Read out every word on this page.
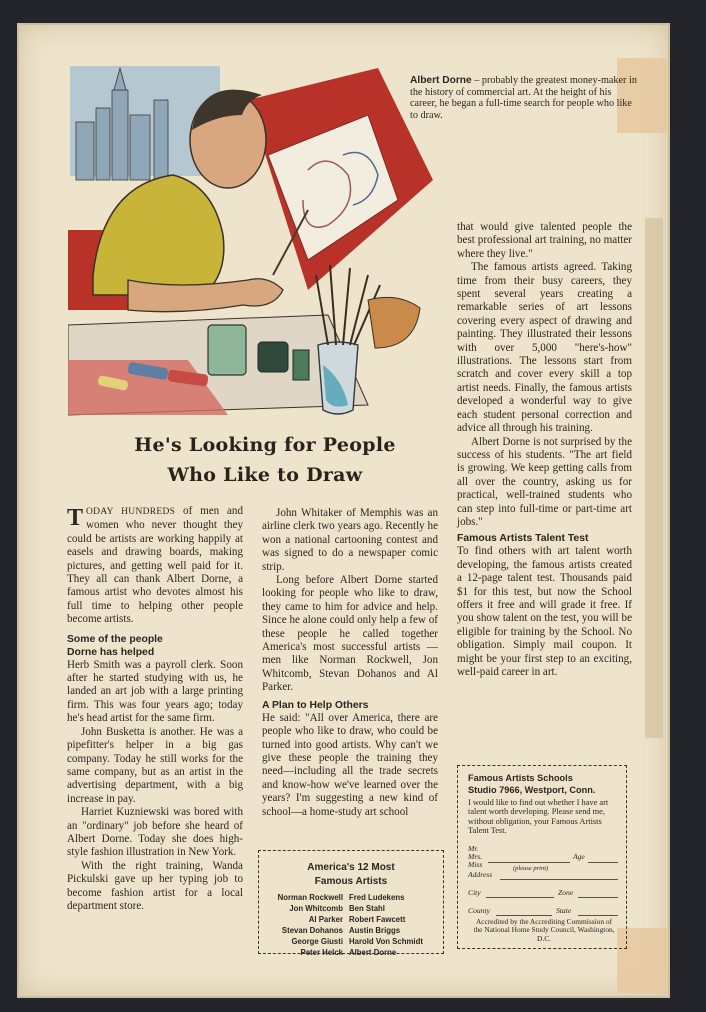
Albert Dorne – probably the greatest money-maker in the history of commercial art. At the height of his career, he began a full-time search for people who like to draw.
He's Looking for People
Who Like to Draw

TODAY HUNDREDS of men and women who never thought they could be artists are working happily at easels and drawing boards, making pictures, and getting well paid for it. They all can thank Albert Dorne, a famous artist who devotes almost his full time to helping other people become artists.

Some of the people
Dorne has helped

Herb Smith was a payroll clerk. Soon after he started studying with us, he landed an art job with a large printing firm. This was four years ago; today he's head artist for the same firm.

John Busketta is another. He was a pipefitter's helper in a big gas company. Today he still works for the same company, but as an artist in the advertising department, with a big increase in pay.

Harriet Kuzniewski was bored with an "ordinary" job before she heard of Albert Dorne. Today she does high-style fashion illustration in New York.

With the right training, Wanda Pickulski gave up her typing job to become fashion artist for a local department store.

John Whitaker of Memphis was an airline clerk two years ago. Recently he won a national cartooning contest and was signed to do a newspaper comic strip.

Long before Albert Dorne started looking for people who like to draw, they came to him for advice and help. Since he alone could only help a few of these people he called together America's most successful artists —men like Norman Rockwell, Jon Whitcomb, Stevan Dohanos and Al Parker.

A Plan to Help Others

He said: "All over America, there are people who like to draw, who could be turned into good artists. Why can't we give these people the training they need—including all the trade secrets and know-how we've learned over the years? I'm suggesting a new kind of school—a home-study art school

America's 12 Most
Famous Artists
Norman Rockwell
Jon Whitcomb
Al Parker
Stevan Dohanos
George Giusti
Peter Helck
Fred Ludekens
Ben Stahl
Robert Fawcett
Austin Briggs
Harold Von Schmidt
Albert Dorne

that would give talented people the best professional art training, no matter where they live."

The famous artists agreed. Taking time from their busy careers, they spent several years creating a remarkable series of art lessons covering every aspect of drawing and painting. They illustrated their lessons with over 5,000 "here's-how" illustrations. The lessons start from scratch and cover every skill a top artist needs. Finally, the famous artists developed a wonderful way to give each student personal correction and advice all through his training.

Albert Dorne is not surprised by the success of his students. "The art field is growing. We keep getting calls from all over the country, asking us for practical, well-trained students who can step into full-time or part-time art jobs."

Famous Artists Talent Test

To find others with art talent worth developing, the famous artists created a 12-page talent test. Thousands paid $1 for this test, but now the School offers it free and will grade it free. If you show talent on the test, you will be eligible for training by the School. No obligation. Simply mail coupon. It might be your first step to an exciting, well-paid career in art.

Famous Artists Schools
Studio 7966, Westport, Conn.
I would like to find out whether I have art talent worth developing. Please send me, without obligation, your Famous Artists Talent Test.
Mr.
Mrs.
Miss
Age
(please print)
Address
City	Zone
County	State
Accredited by the Accrediting Commission of the National Home Study Council, Washington, D.C.
